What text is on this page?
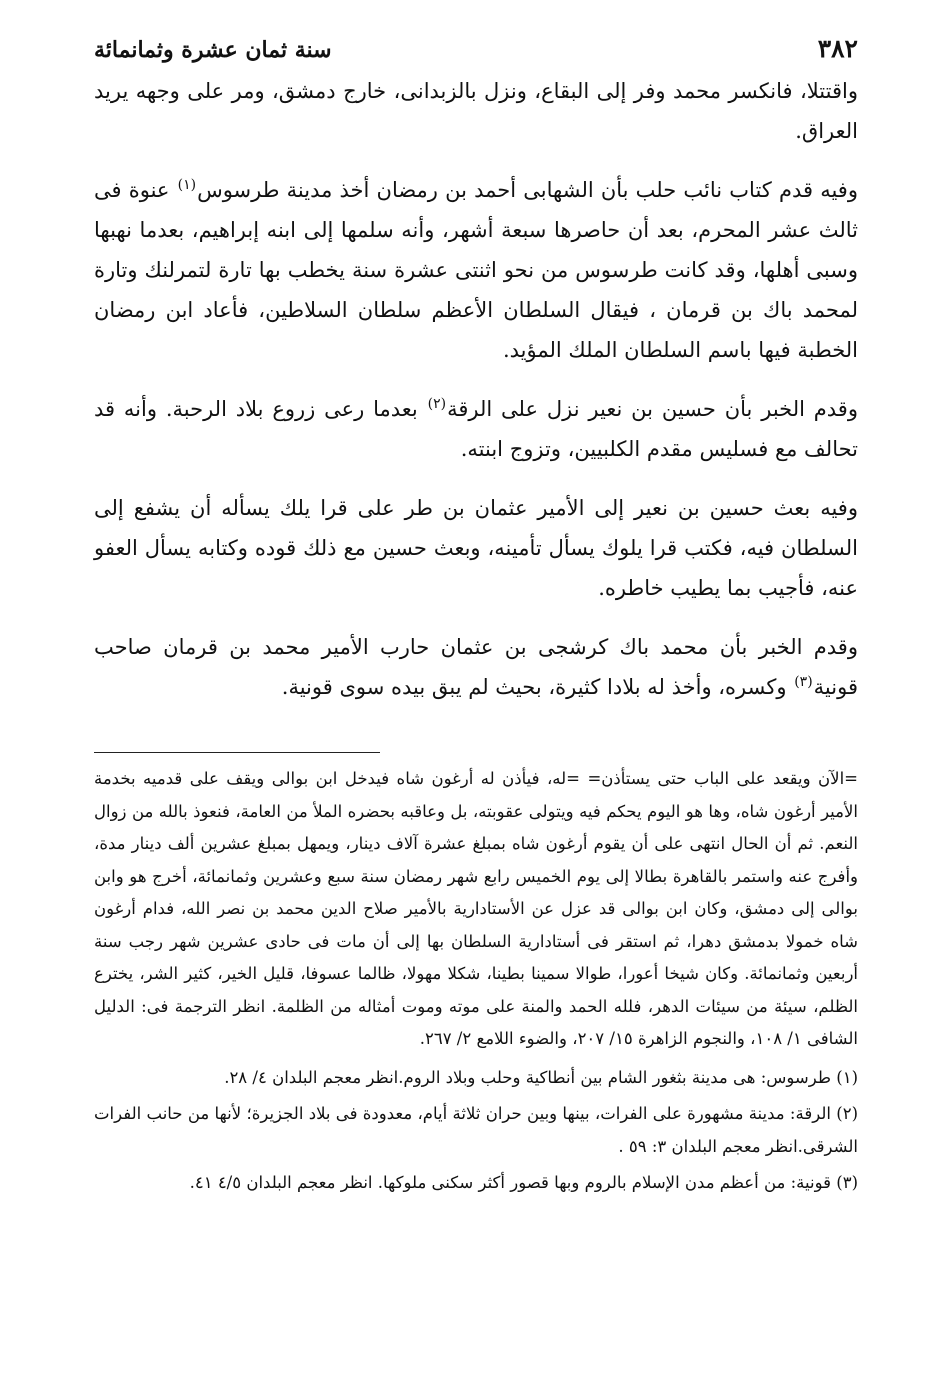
٣٨٢
سنة ثمان عشرة وثمانمائة

واقتتلا، فانكسر محمد وفر إلى البقاع، ونزل بالزبدانى، خارج دمشق، ومر على وجهه يريد العراق.

وفيه قدم كتاب نائب حلب بأن الشهابى أحمد بن رمضان أخذ مدينة طرسوس$^{(١)}$ عنوة فى ثالث عشر المحرم، بعد أن حاصرها سبعة أشهر، وأنه سلمها إلى ابنه إبراهيم، بعدما نهبها وسبى أهلها، وقد كانت طرسوس من نحو اثنتى عشرة سنة يخطب بها تارة لتمرلنك وتارة لمحمد باك بن قرمان ، فيقال السلطان الأعظم سلطان السلاطين، فأعاد ابن رمضان الخطبة فيها باسم السلطان الملك المؤيد.

وقدم الخبر بأن حسين بن نعير نزل على الرقة$^{(٢)}$ بعدما رعى زروع بلاد الرحبة. وأنه قد تحالف مع فسليس مقدم الكلبيين، وتزوج ابنته.

وفيه بعث حسين بن نعير إلى الأمير عثمان بن طر على قرا يلك يسأله أن يشفع إلى السلطان فيه، فكتب قرا يلوك يسأل تأمينه، وبعث حسين مع ذلك قوده وكتابه يسأل العفو عنه، فأجيب بما يطيب خاطره.

وقدم الخبر بأن محمد باك كرشجى بن عثمان حارب الأمير محمد بن قرمان صاحب قونية$^{(٣)}$ وكسره، وأخذ له بلادا كثيرة، بحيث لم يبق بيده سوى قونية.

=الآن ويقعد على الباب حتى يستأذن= =له، فيأذن له أرغون شاه فيدخل ابن بوالى ويقف على قدميه بخدمة الأمير أرغون شاه، وها هو اليوم يحكم فيه ويتولى عقوبته، بل وعاقبه بحضره الملأ من العامة، فنعوذ بالله من زوال النعم. ثم أن الحال انتهى على أن يقوم أرغون شاه بمبلغ عشرة آلاف دينار، ويمهل بمبلغ عشرين ألف دينار مدة، وأفرج عنه واستمر بالقاهرة بطالا إلى يوم الخميس رابع شهر رمضان سنة سبع وعشرين وثمانمائة، أخرج هو وابن بوالى إلى دمشق، وكان ابن بوالى قد عزل عن الأستادارية بالأمير صلاح الدين محمد بن نصر الله، فدام أرغون شاه خمولا بدمشق دهرا، ثم استقر فى أستادارية السلطان بها إلى أن مات فى حادى عشرين شهر رجب سنة أربعين وثمانمائة. وكان شيخا أعورا، طوالا سمينا بطينا، شكلا مهولا، ظالما عسوفا، قليل الخير، كثير الشر، يخترع الظلم، سيئة من سيئات الدهر، فلله الحمد والمنة على موته وموت أمثاله من الظلمة. انظر الترجمة فى: الدليل الشافى ١/ ١٠٨، والنجوم الزاهرة ١٥/ ٢٠٧، والضوء اللامع ٢/ ٢٦٧.

(١) طرسوس: هى مدينة بثغور الشام بين أنطاكية وحلب وبلاد الروم.انظر معجم البلدان ٤/ ٢٨.

(٢) الرقة: مدينة مشهورة على الفرات، بينها وبين حران ثلاثة أيام، معدودة فى بلاد الجزيرة؛ لأنها من حانب الفرات الشرقى.انظر معجم البلدان ٣: ٥٩ .

(٣) قونية: من أعظم مدن الإسلام بالروم وبها قصور أكثر سكنى ملوكها. انظر معجم البلدان ٤/٥ ٤١.
